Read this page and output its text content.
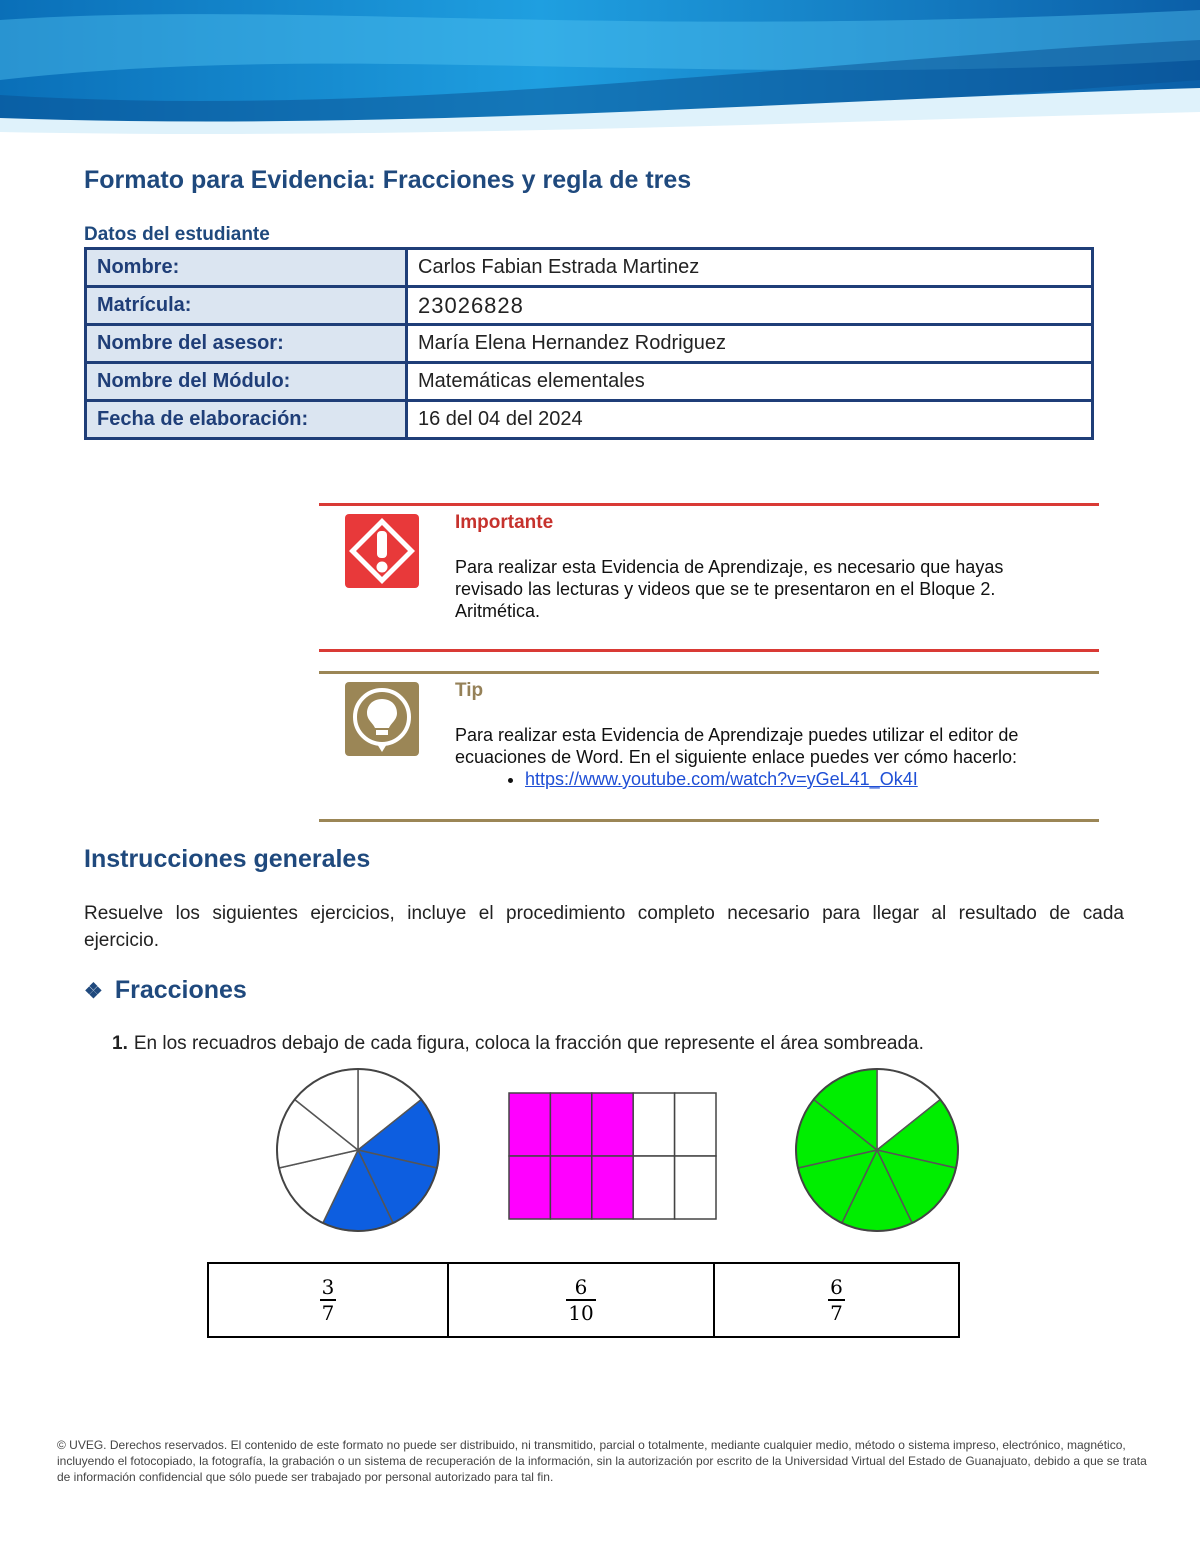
Formato para Evidencia: Fracciones y regla de tres
Datos del estudiante
Nombre:	Carlos Fabian Estrada Martinez
Matrícula:	23026828
Nombre del asesor:	María Elena Hernandez Rodriguez
Nombre del Módulo:	Matemáticas elementales
Fecha de elaboración:	16 del 04 del 2024
Importante
Para realizar esta Evidencia de Aprendizaje, es necesario que hayas revisado las lecturas y videos que se te presentaron en el Bloque 2. Aritmética.
Tip
Para realizar esta Evidencia de Aprendizaje puedes utilizar el editor de ecuaciones de Word. En el siguiente enlace puedes ver cómo hacerlo:
• https://www.youtube.com/watch?v=yGeL41_Ok4I
Instrucciones generales

Resuelve los siguientes ejercicios, incluye el procedimiento completo necesario para llegar al resultado de cada ejercicio.

❖ Fracciones
1. En los recuadros debajo de cada figura, coloca la fracción que represente el área sombreada.
$\frac{3}{7}$	$\frac{6}{10}$	$\frac{6}{7}$

© UVEG. Derechos reservados. El contenido de este formato no puede ser distribuido, ni transmitido, parcial o totalmente, mediante cualquier medio, método o sistema impreso, electrónico, magnético, incluyendo el fotocopiado, la fotografía, la grabación o un sistema de recuperación de la información, sin la autorización por escrito de la Universidad Virtual del Estado de Guanajuato, debido a que se trata de información confidencial que sólo puede ser trabajado por personal autorizado para tal fin.
